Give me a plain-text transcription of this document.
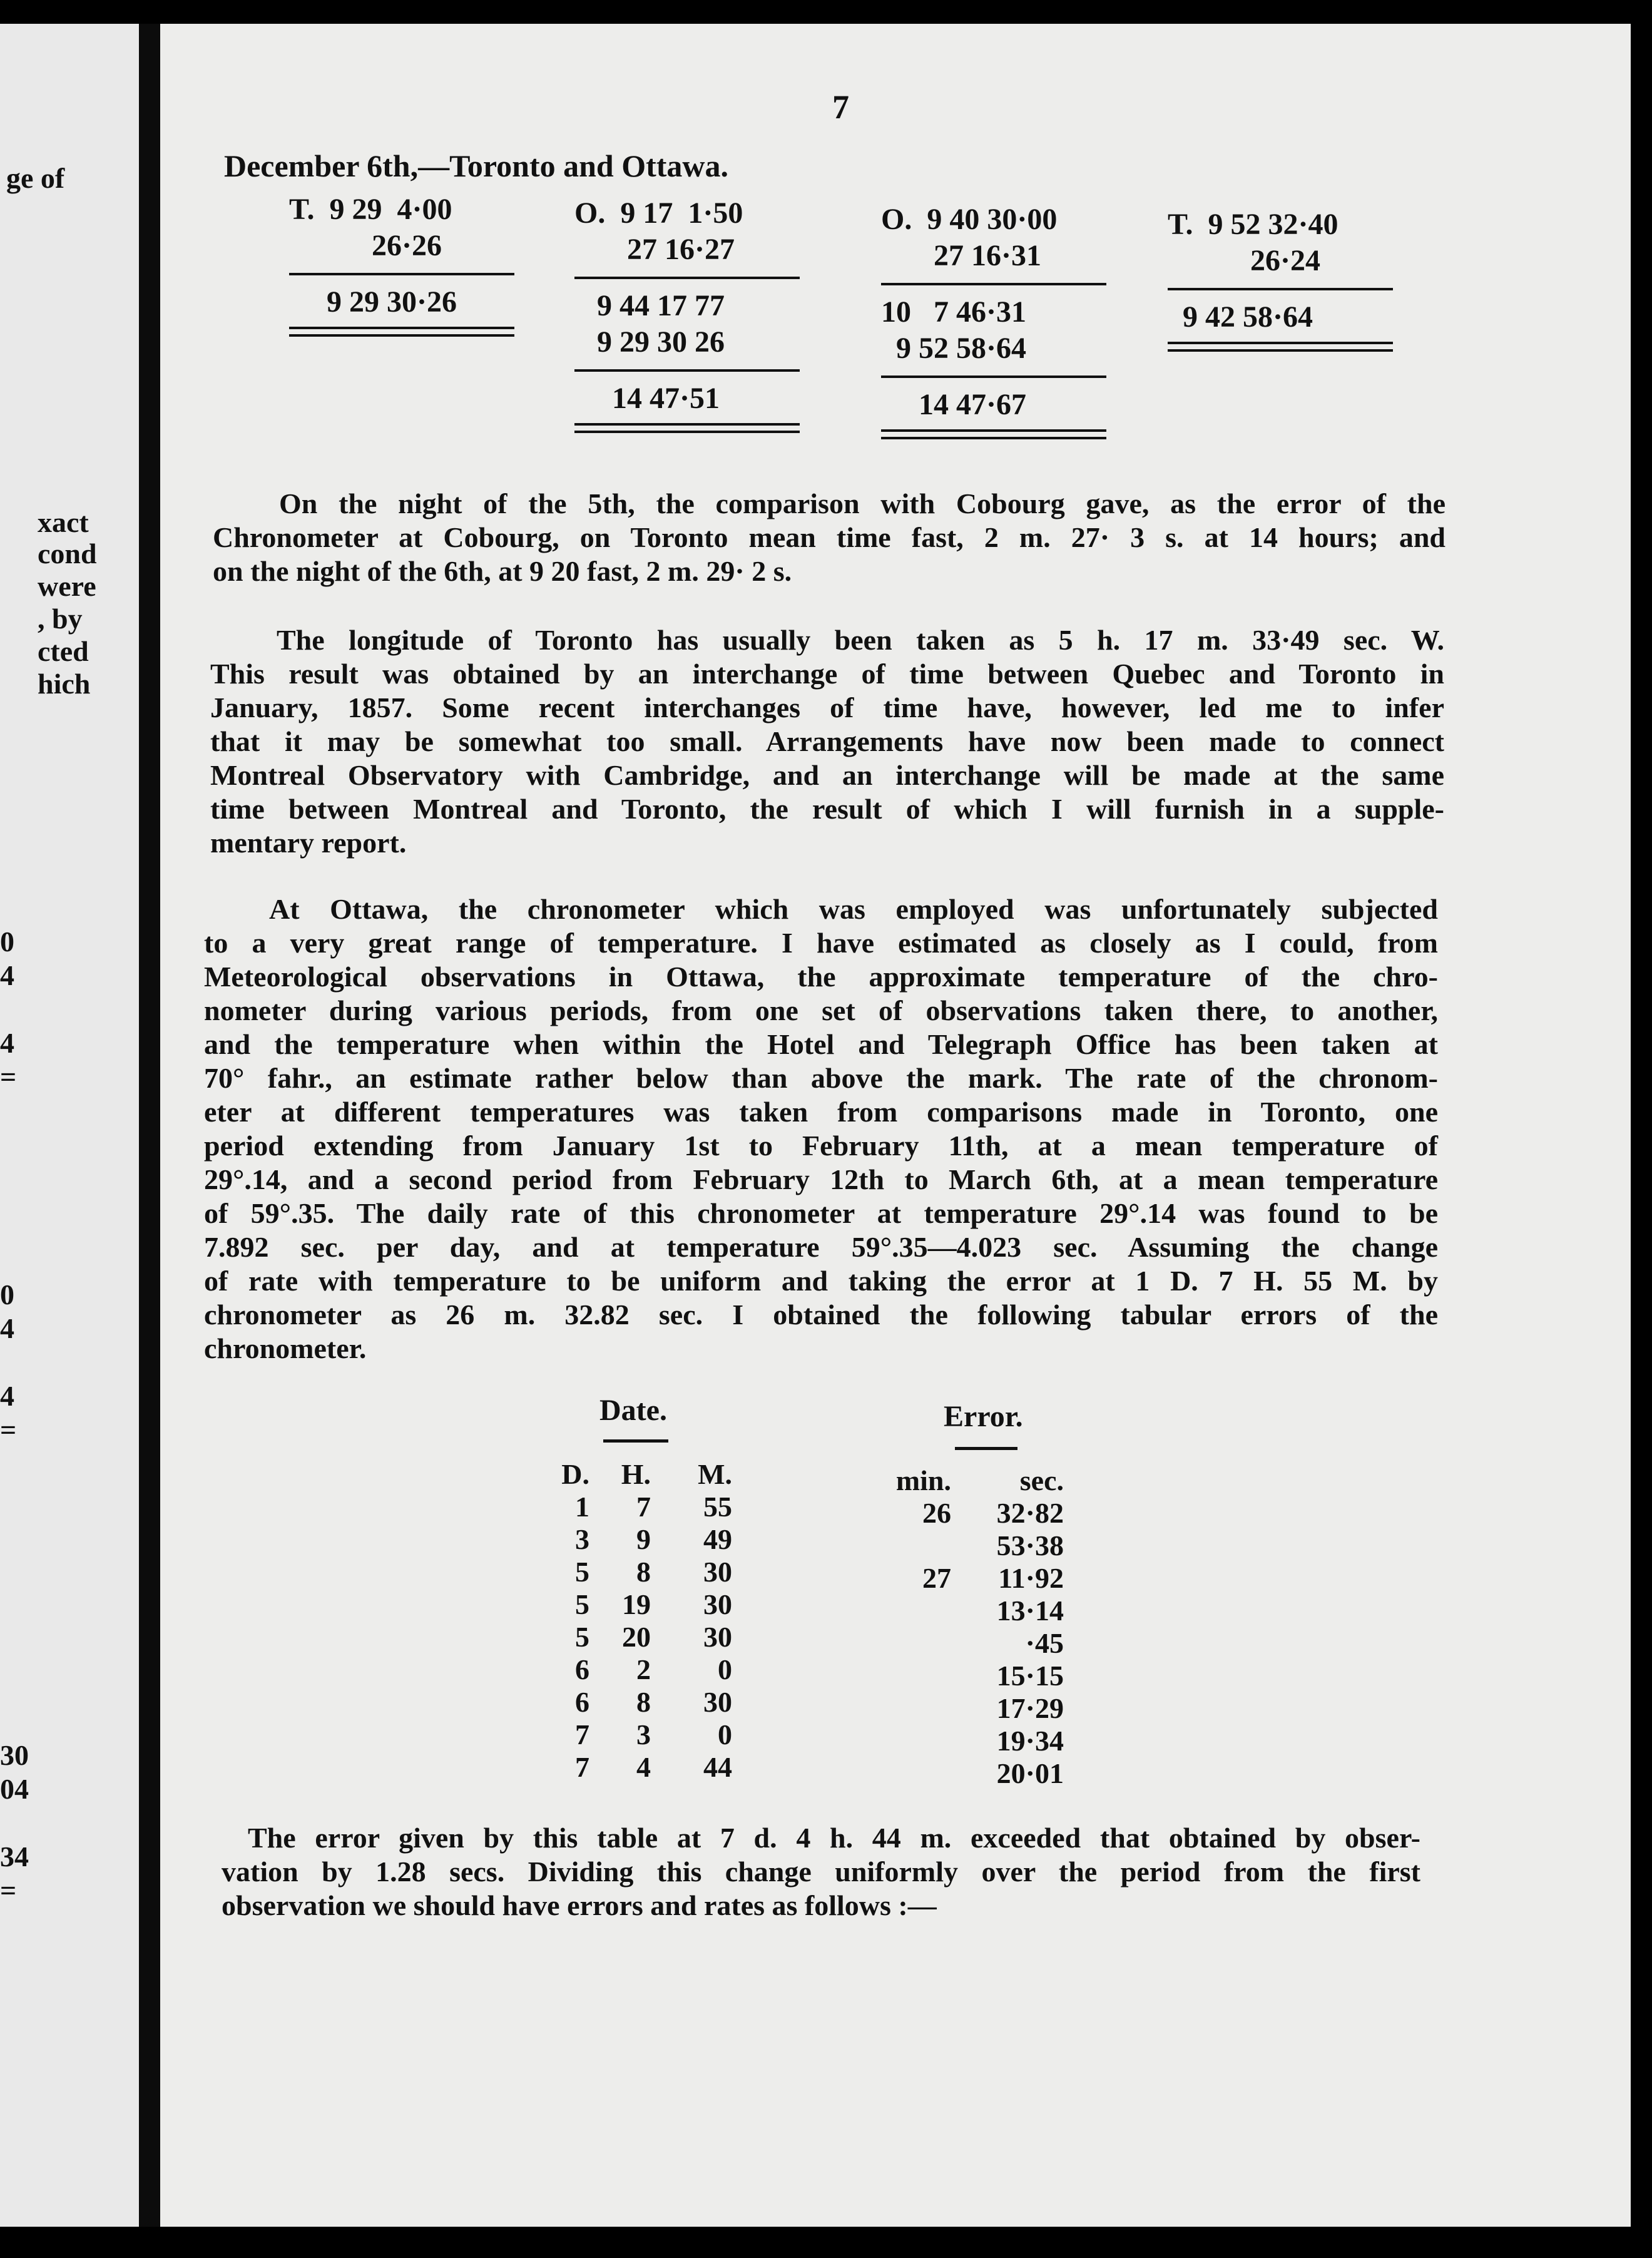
ge of
xact
cond
were
, by
cted
hich
0
4
4
=
0
4
4
=
30
04
34
=
7
December 6th,—Toronto and Ottawa.
T.  9 29  4·00
26·26
9 29 30·26
O.  9 17  1·50
27 16·27
9 44 17 77
9 29 30 26
14 47·51
O.  9 40 30·00
27 16·31
10   7 46·31
9 52 58·64
14 47·67
T.  9 52 32·40
26·24
9 42 58·64
On the night of the 5th, the comparison with Cobourg gave, as the error of the
Chronometer at Cobourg, on Toronto mean time fast, 2 m. 27· 3 s. at 14 hours; and
on the night of the 6th, at 9 20 fast, 2 m. 29· 2 s.
The longitude of Toronto has usually been taken as 5 h. 17 m. 33·49 sec. W.
This result was obtained by an interchange of time between Quebec and Toronto in
January, 1857. Some recent interchanges of time have, however, led me to infer
that it may be somewhat too small. Arrangements have now been made to connect
Montreal Observatory with Cambridge, and an interchange will be made at the same
time between Montreal and Toronto, the result of which I will furnish in a supple-
mentary report.
At Ottawa, the chronometer which was employed was unfortunately subjected
to a very great range of temperature. I have estimated as closely as I could, from
Meteorological observations in Ottawa, the approximate temperature of the chro-
nometer during various periods, from one set of observations taken there, to another,
and the temperature when within the Hotel and Telegraph Office has been taken at
70° fahr., an estimate rather below than above the mark. The rate of the chronom-
eter at different temperatures was taken from comparisons made in Toronto, one
period extending from January 1st to February 11th, at a mean temperature of
29°.14, and a second period from February 12th to March 6th, at a mean temperature
of 59°.35. The daily rate of this chronometer at temperature 29°.14 was found to be
7.892 sec. per day, and at temperature 59°.35—4.023 sec. Assuming the change
of rate with temperature to be uniform and taking the error at 1 D. 7 H. 55 M. by
chronometer as 26 m. 32.82 sec. I obtained the following tabular errors of the
chronometer.
Date.	Error.
D.
1
3
5
5
5
6
6
7
7
H.
7
9
8
19
20
2
8
3
4
M.
55
49
30
30
30
0
30
0
44
min.
26
27
sec.
32·82
53·38
11·92
13·14
·45
15·15
17·29
19·34
20·01
The error given by this table at 7 d. 4 h. 44 m. exceeded that obtained by obser-
vation by 1.28 secs. Dividing this change uniformly over the period from the first
observation we should have errors and rates as follows :—
